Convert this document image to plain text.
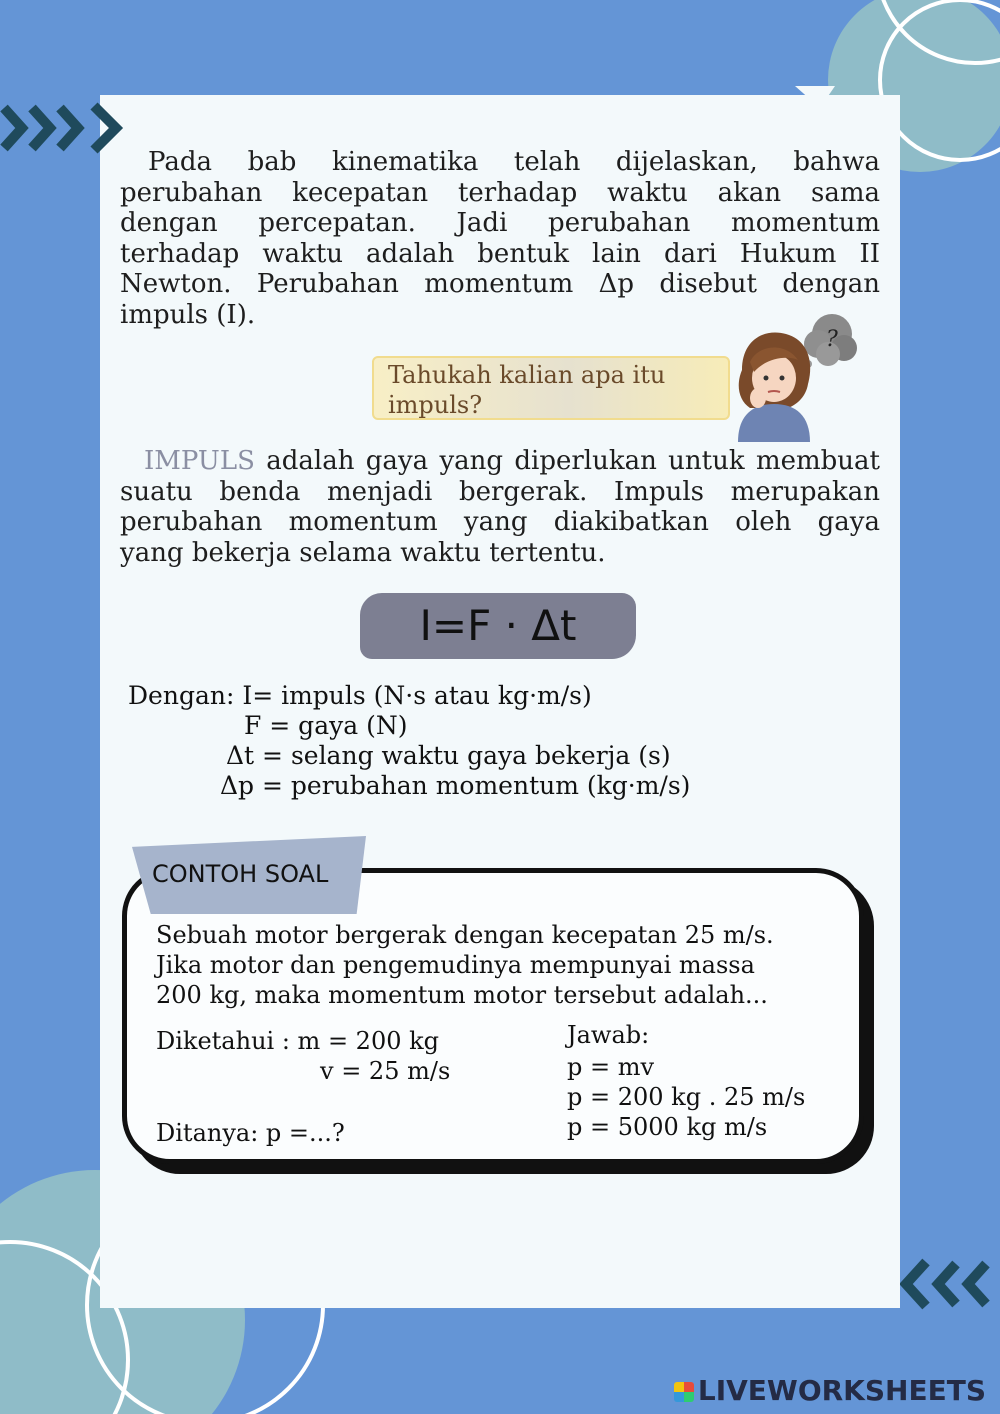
Pada bab kinematika telah dijelaskan, bahwa
perubahan kecepatan terhadap waktu akan sama
dengan percepatan. Jadi perubahan momentum
terhadap waktu adalah bentuk lain dari Hukum II
Newton. Perubahan momentum Δp disebut dengan
impuls (I).
Tahukah kalian apa itu
impuls?
?
IMPULS adalah gaya yang diperlukan untuk membuat
suatu benda menjadi bergerak. Impuls merupakan
perubahan momentum yang diakibatkan oleh gaya
yang bekerja selama waktu tertentu.
I=F · Δt
Dengan: I= impuls (N·s atau kg·m/s)
F = gaya (N)
Δt = selang waktu gaya bekerja (s)
Δp = perubahan momentum (kg·m/s)
CONTOH SOAL
Sebuah motor bergerak dengan kecepatan 25 m/s.
Jika motor dan pengemudinya mempunyai massa
200 kg, maka momentum motor tersebut adalah...
Diketahui : m = 200 kg
v = 25 m/s
Ditanya: p =...?
Jawab:
p = mv
p = 200 kg . 25 m/s
p = 5000 kg m/s
LIVEWORKSHEETS
